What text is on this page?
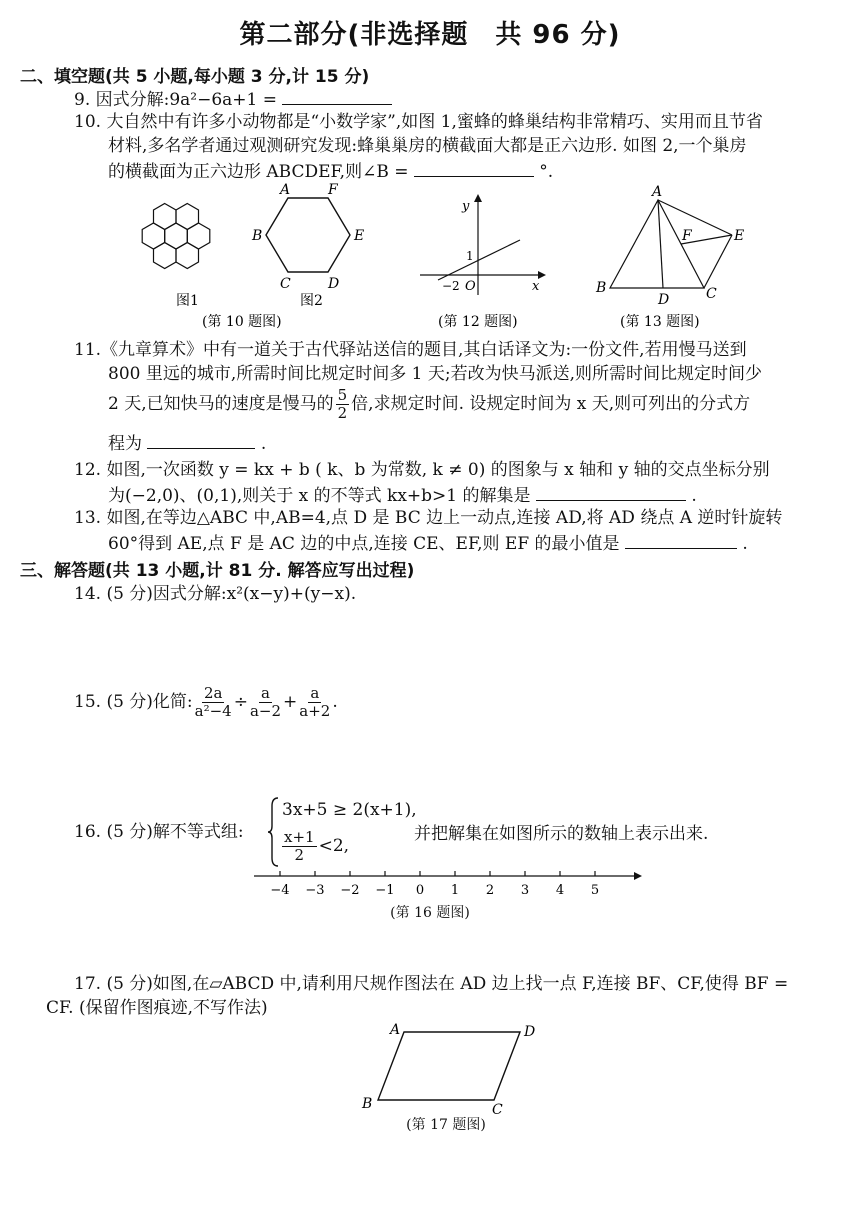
第二部分(非选择题　共 96 分)
二、填空题(共 5 小题,每小题 3 分,计 15 分)
9. 因式分解:9a²−6a+1 =
10. 大自然中有许多小动物都是“小数学家”,如图 1,蜜蜂的蜂巢结构非常精巧、实用而且节省
材料,多名学者通过观测研究发现:蜂巢巢房的横截面大都是正六边形. 如图 2,一个巢房
的横截面为正六边形 ABCDEF,则∠B =	°.
图1
A	F
B	E
C	D
图2
y
x
1
−2 O
A
B	C
D
E
F
(第 10 题图)	(第 12 题图)	(第 13 题图)
11.《九章算术》中有一道关于古代驿站送信的题目,其白话译文为:一份文件,若用慢马送到
800 里远的城市,所需时间比规定时间多 1 天;若改为快马派送,则所需时间比规定时间少
2 天,已知快马的速度是慢马的 $\frac{5}{2}$ 倍,求规定时间. 设规定时间为 x 天,则可列出的分式方
程为	.
12. 如图,一次函数 y = kx + b ( k、b 为常数, k ≠ 0) 的图象与 x 轴和 y 轴的交点坐标分别
为(−2,0)、(0,1),则关于 x 的不等式 kx+b>1 的解集是	.
13. 如图,在等边△ABC 中,AB=4,点 D 是 BC 边上一动点,连接 AD,将 AD 绕点 A 逆时针旋转
60°得到 AE,点 F 是 AC 边的中点,连接 CE、EF,则 EF 的最小值是	.
三、解答题(共 13 小题,计 81 分. 解答应写出过程)
14. (5 分)因式分解:x²(x−y)+(y−x).
15. (5 分)化简: $\frac{2a}{\text{a²−4}} \div \frac{a}{a-2} + \frac{a}{a+2}$ .
16. (5 分)解不等式组:
3x+5 ≥ 2(x+1),
$\frac{x+1}{2} <2$,
并把解集在如图所示的数轴上表示出来.
−4 −3 −2 −1 0 1 2 3 4 5
(第 16 题图)
17. (5 分)如图,在▱ABCD 中,请利用尺规作图法在 AD 边上找一点 F,连接 BF、CF,使得 BF =
CF. (保留作图痕迹,不写作法)
A	D
B	C
(第 17 题图)
